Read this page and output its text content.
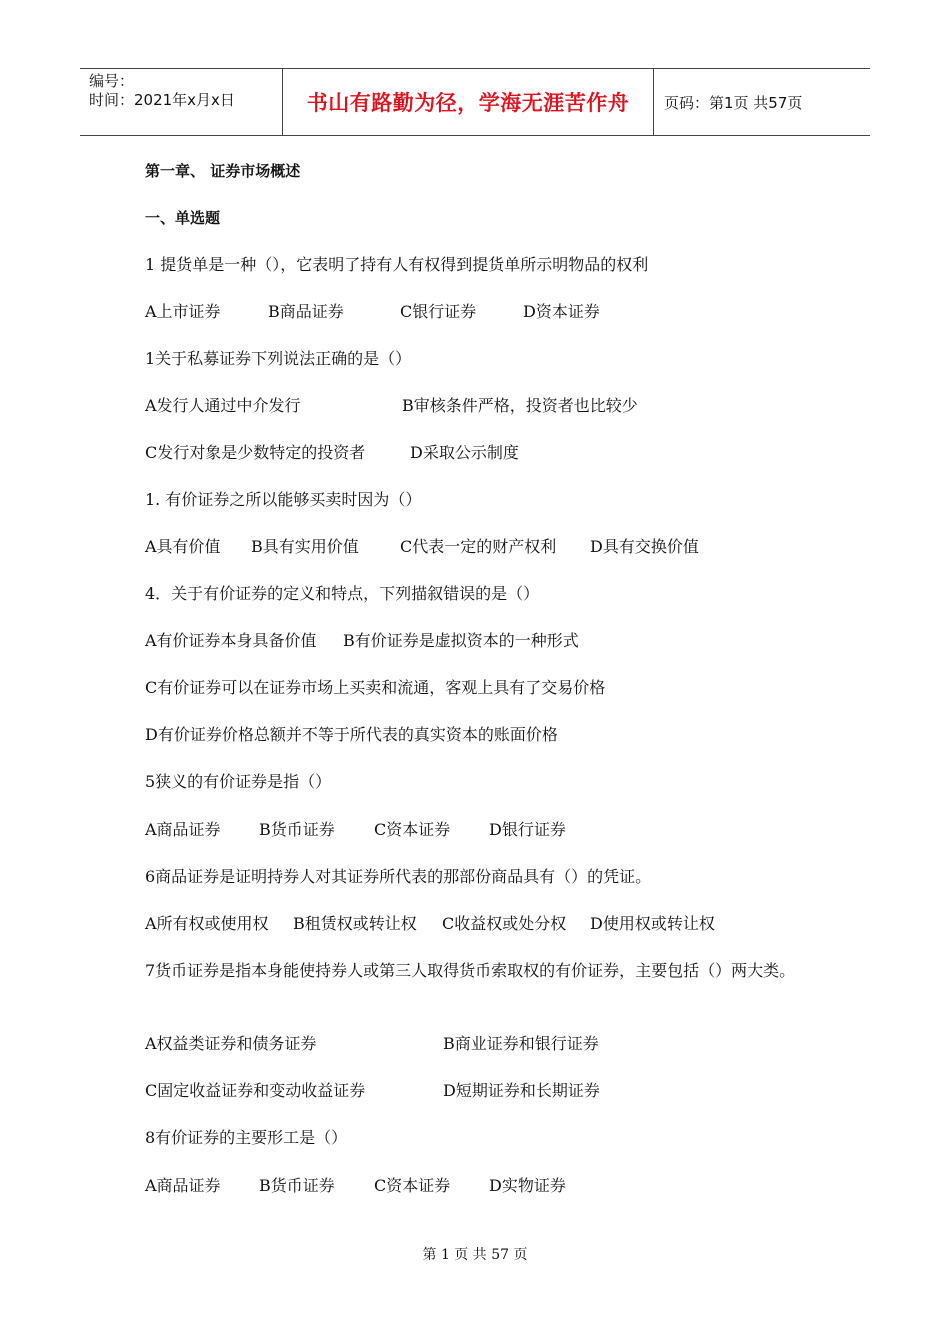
编号：
时间：2021年x月x日	书山有路勤为径，学海无涯苦作舟	页码：第1页 共57页

第一章、 证券市场概述

一、单选题

1 提货单是一种（），它表明了持有人有权得到提货单所示明物品的权利

A上市证券	B商品证券	C银行证券	D资本证券

1关于私募证券下列说法正确的是（）

A发行人通过中介发行	B审核条件严格，投资者也比较少
C发行对象是少数特定的投资者	D采取公示制度

1. 有价证券之所以能够买卖时因为（）

A具有价值 B具有实用价值	C代表一定的财产权利 D具有交换价值

4．关于有价证券的定义和特点，下列描叙错误的是（）

A有价证券本身具备价值 B有价证券是虚拟资本的一种形式

C有价证券可以在证券市场上买卖和流通，客观上具有了交易价格

D有价证券价格总额并不等于所代表的真实资本的账面价格

5狭义的有价证券是指（）

A商品证券 B货币证券 C资本证券 D银行证券

6商品证券是证明持券人对其证券所代表的那部份商品具有（）的凭证。

A所有权或使用权 B租赁权或转让权 C收益权或处分权 D使用权或转让权

7货币证券是指本身能使持券人或第三人取得货币索取权的有价证券，主要包括（）两大类。

A权益类证券和债务证券	B商业证券和银行证券
C固定收益证券和变动收益证券	D短期证券和长期证券

8有价证券的主要形工是（）

A商品证券 B货币证券 C资本证券 D实物证券
第 1 页 共 57 页
